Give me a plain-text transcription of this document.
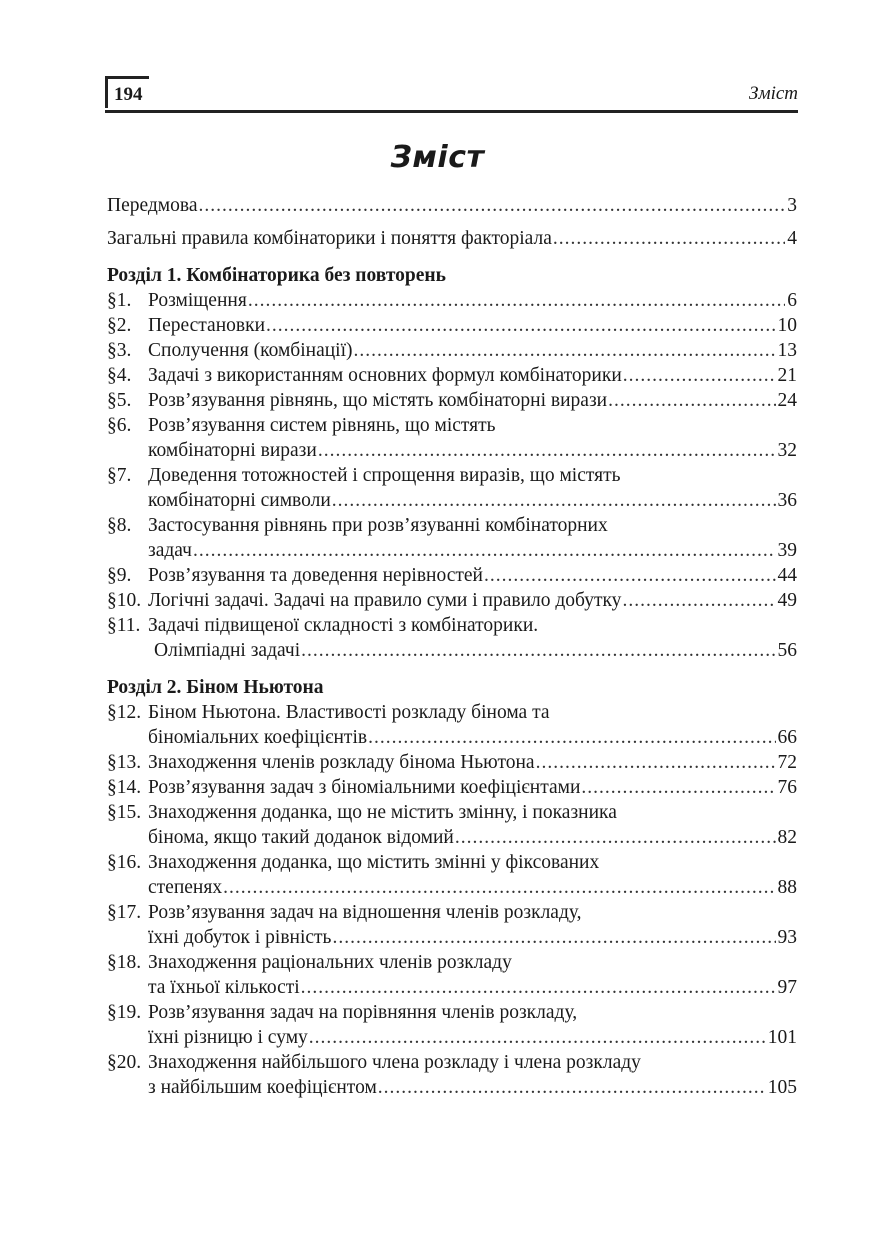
194	Зміст
Зміст
Передмова .....	3
Загальні правила комбінаторики і поняття факторіала .....	4
Розділ 1. Комбінаторика без повторень
§1. Розміщення .....	6
§2. Перестановки .....	10
§3. Сполучення (комбінації) .....	13
§4. Задачі з використанням основних формул комбінаторики .....	21
§5. Розв’язування рівнянь, що містять комбінаторні вирази .....	24
§6. Розв’язування систем рівнянь, що містять
комбінаторні вирази .....	32
§7. Доведення тотожностей і спрощення виразів, що містять
комбінаторні символи .....	36
§8. Застосування рівнянь при розв’язуванні комбінаторних
задач .....	39
§9. Розв’язування та доведення нерівностей .....	44
§10. Логічні задачі. Задачі на правило суми і правило добутку .....	49
§11. Задачі підвищеної складності з комбінаторики.
Олімпіадні задачі .....	56
Розділ 2. Біном Ньютона
§12. Біном Ньютона. Властивості розкладу бінома та
біноміальних коефіцієнтів .....	66
§13. Знаходження членів розкладу бінома Ньютона .....	72
§14. Розв’язування задач з біноміальними коефіцієнтами .....	76
§15. Знаходження доданка, що не містить змінну, і показника
бінома, якщо такий доданок відомий .....	82
§16. Знаходження доданка, що містить змінні у фіксованих
степенях .....	88
§17. Розв’язування задач на відношення членів розкладу,
їхні добуток і рівність .....	93
§18. Знаходження раціональних членів розкладу
та їхньої кількості .....	97
§19. Розв’язування задач на порівняння членів розкладу,
їхні різницю і суму .....	101
§20. Знаходження найбільшого члена розкладу і члена розкладу
з найбільшим коефіцієнтом .....	105
